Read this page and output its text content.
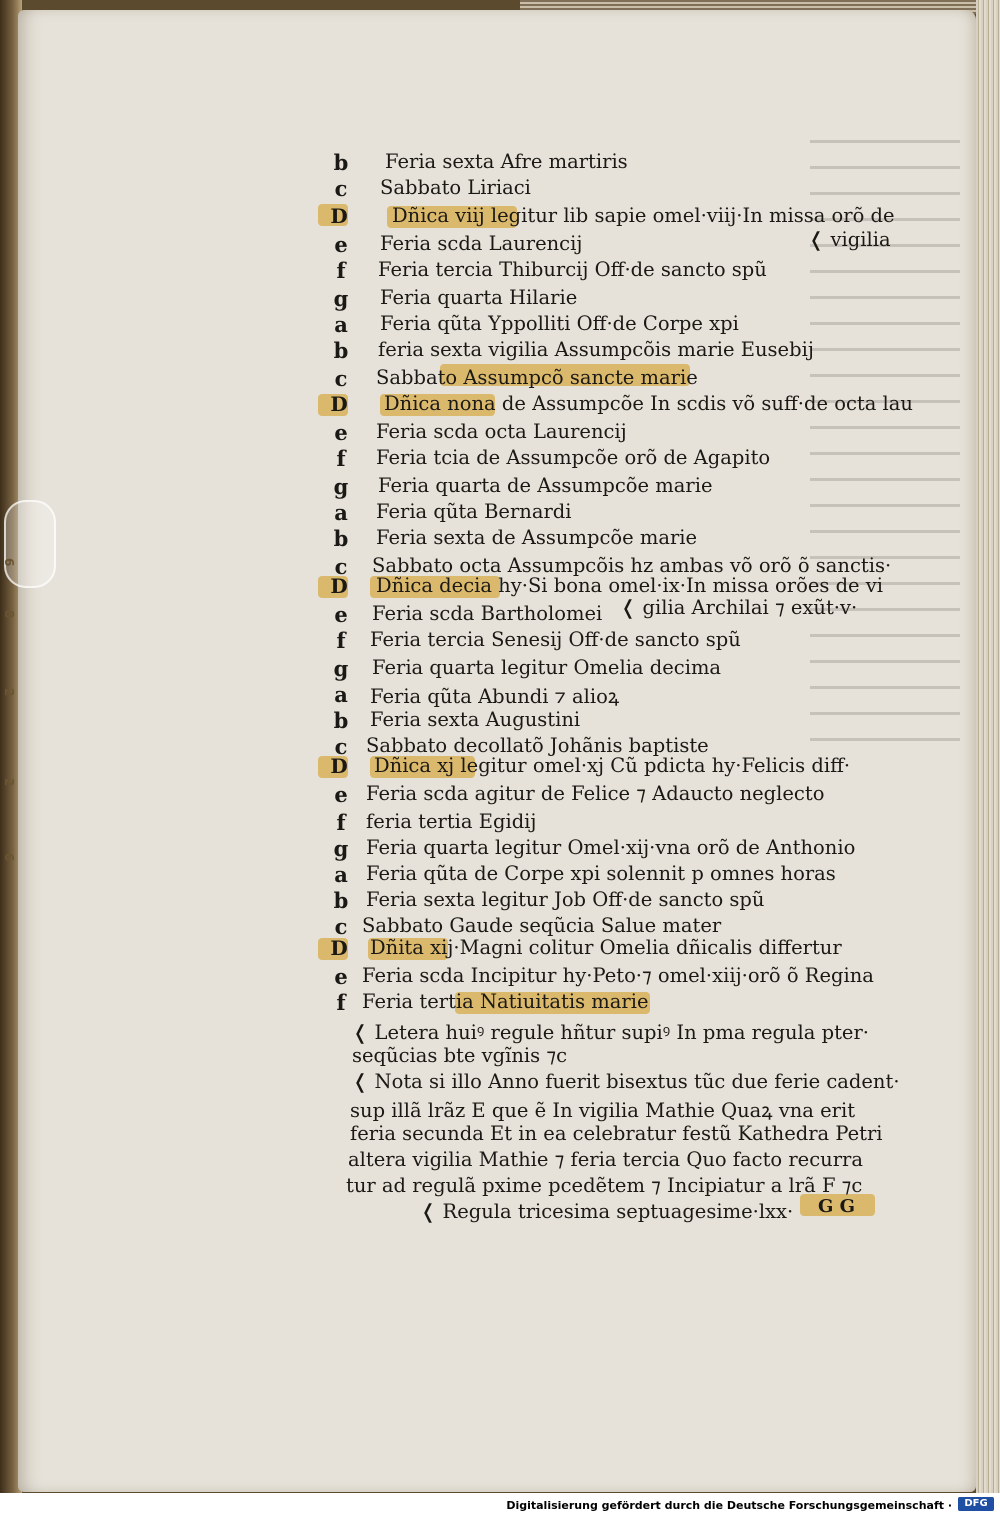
6
8
2
2
6
b
c
D
e
f
g
a
b
c
D
e
f
g
a
b
c
D
e
f
g
a
b
c
D
e
f
g
a
b
c
D
e
f
Feria sexta Afre martiris
Sabbato Liriaci
Dñica viij legitur lib sapie omel·viij·In missa orõ de
Feria scda Laurencij
Feria tercia Thiburcij Off·de sancto spũ
Feria quarta Hilarie
Feria qũta Yppolliti Off·de Corpe xpi
feria sexta vigilia Assumpcõis marie Eusebij
Sabbato Assumpcõ sancte marie
Dñica nona de Assumpcõe In scdis võ suff·de octa lau
Feria scda octa Laurencij
Feria tcia de Assumpcõe orõ de Agapito
Feria quarta de Assumpcõe marie
Feria qũta Bernardi
Feria sexta de Assumpcõe marie
Sabbato octa Assumpcõis hz ambas võ orõ õ sanctis·
Dñica decia hy·Si bona omel·ix·In missa orões de vi
Feria scda Bartholomei
Feria tercia Senesij Off·de sancto spũ
Feria quarta legitur Omelia decima
Feria qũta Abundi ⁊ alioꝝ
Feria sexta Augustini
Sabbato decollatõ Johãnis baptiste
Dñica xj legitur omel·xj Cũ pdicta hy·Felicis diff·
Feria scda agitur de Felice ⁊ Adaucto neglecto
feria tertia Egidij
Feria quarta legitur Omel·xij·vna orõ de Anthonio
Feria qũta de Corpe xpi solennit p omnes horas
Feria sexta legitur Job Off·de sancto spũ
Sabbato Gaude seqũcia Salue mater
Dñita xij·Magni colitur Omelia dñicalis differtur
Feria scda Incipitur hy·Peto·⁊ omel·xiij·orõ õ Regina
Feria tertia Natiuitatis marie
❬ vigilia
❬ gilia Archilai ⁊ exũt·v·
❬ Letera huiꝰ regule hñtur supiꝰ In pma regula pter·
seqũcias bte vgĩnis ⁊c
❬ Nota si illo Anno fuerit bisextus tũc due ferie cadent·
sup illã lrãz E que ẽ In vigilia Mathie Quaꝝ vna erit
feria secunda Et in ea celebratur festũ Kathedra Petri
altera vigilia Mathie ⁊ feria tercia Quo facto recurra
tur ad regulã pxime pcedẽtem ⁊ Incipiatur a lrã F ⁊c
❬ Regula tricesima septuagesime·lxx· G G
Digitalisierung gefördert durch die Deutsche Forschungsgemeinschaft ·	DFG
